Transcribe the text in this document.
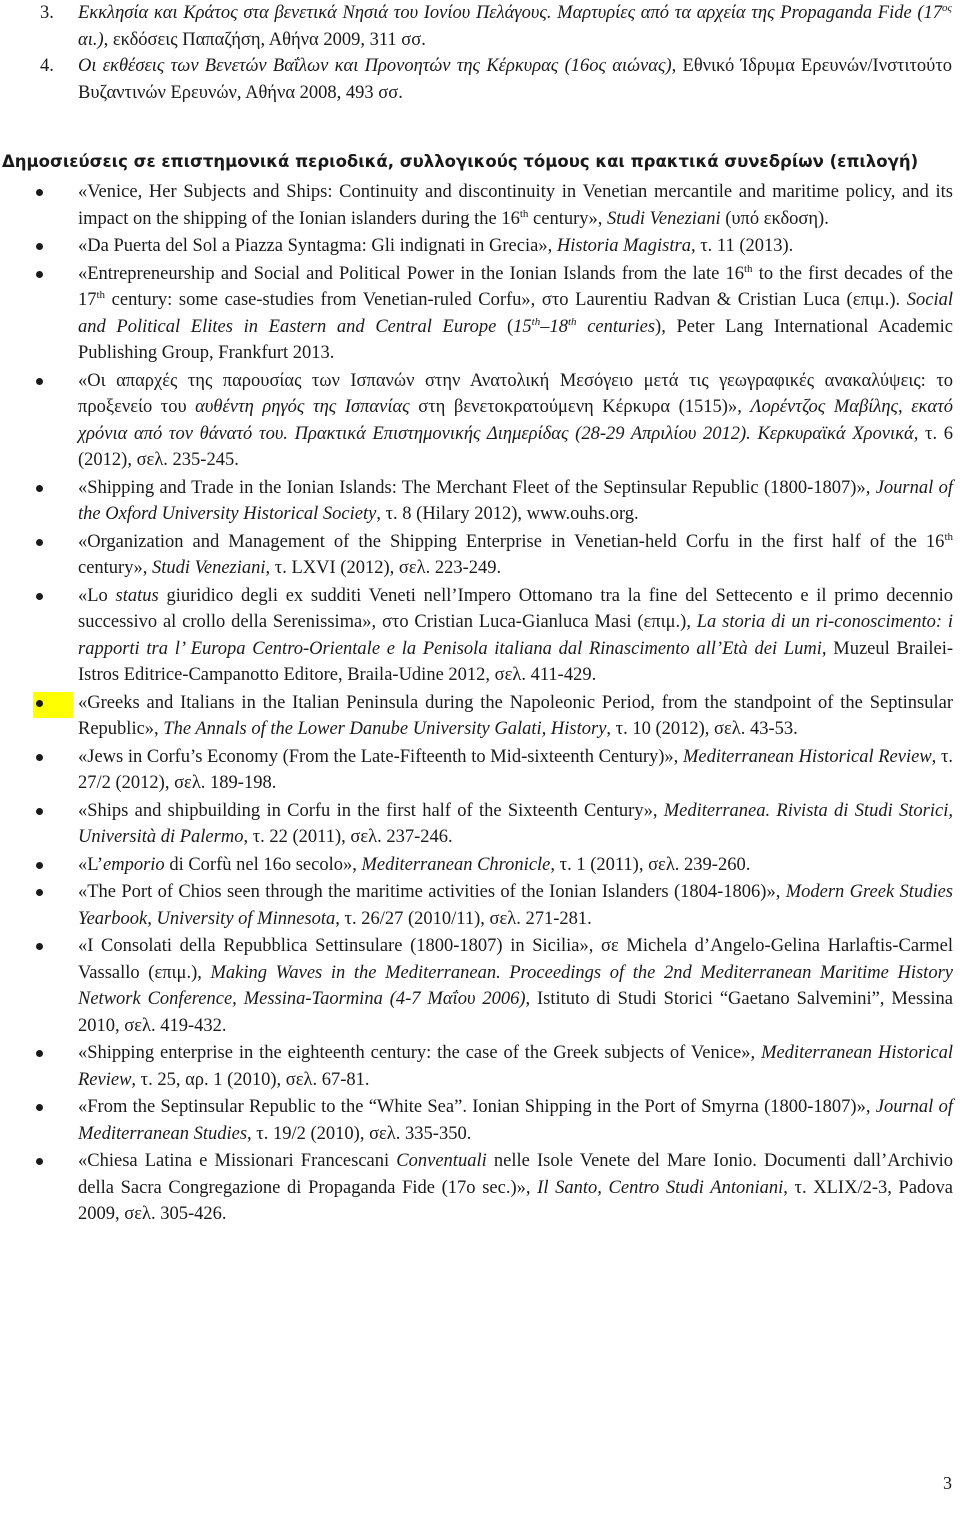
3. Εκκλησία και Κράτος στα βενετικά Νησιά του Ιονίου Πελάγους. Μαρτυρίες από τα αρχεία της Propaganda Fide ($17^{o\varsigma}$ αι.), εκδόσεις Παπαζήση, Αθήνα 2009, 311 σσ.
4. Οι εκθέσεις των Βενετών Βαΐλων και Προνοητών της Κέρκυρας (16ος αιώνας), Εθνικό Ίδρυμα Ερευνών/Ινστιτούτο Βυζαντινών Ερευνών, Αθήνα 2008, 493 σσ.
Δημοσιεύσεις σε επιστημονικά περιοδικά, συλλογικούς τόμους και πρακτικά συνεδρίων (επιλογή)
«Venice, Her Subjects and Ships: Continuity and discontinuity in Venetian mercantile and maritime policy, and its impact on the shipping of the Ionian islanders during the 16th century», Studi Veneziani (υπό εκδοση).
«Da Puerta del Sol a Piazza Syntagma: Gli indignati in Grecia», Historia Magistra, τ. 11 (2013).
«Entrepreneurship and Social and Political Power in the Ionian Islands from the late 16th to the first decades of the 17th century: some case-studies from Venetian-ruled Corfu», στο Laurentiu Radvan & Cristian Luca (επιμ.). Social and Political Elites in Eastern and Central Europe (15th–18th centuries), Peter Lang International Academic Publishing Group, Frankfurt 2013.
«Οι απαρχές της παρουσίας των Ισπανών στην Ανατολική Μεσόγειο μετά τις γεωγραφικές ανακαλύψεις: το προξενείο του αυθέντη ρηγός της Ισπανίας στη βενετοκρατούμενη Κέρκυρα (1515)», Λορέντζος Μαβίλης, εκατό χρόνια από τον θάνατό του. Πρακτικά Επιστημονικής Διημερίδας (28-29 Απριλίου 2012). Κερκυραϊκά Χρονικά, τ. 6 (2012), σελ. 235-245.
«Shipping and Trade in the Ionian Islands: The Merchant Fleet of the Septinsular Republic (1800-1807)», Journal of the Oxford University Historical Society, τ. 8 (Hilary 2012), www.ouhs.org.
«Organization and Management of the Shipping Enterprise in Venetian-held Corfu in the first half of the 16th century», Studi Veneziani, τ. LXVI (2012), σελ. 223-249.
«Lo status giuridico degli ex sudditi Veneti nell’Impero Ottomano tra la fine del Settecento e il primo decennio successivo al crollo della Serenissima», στο Cristian Luca-Gianluca Masi (επιμ.), La storia di un ri-conoscimento: i rapporti tra l’ Europa Centro-Orientale e la Penisola italiana dal Rinascimento all’Età dei Lumi, Muzeul Brailei-Istros Editrice-Campanotto Editore, Braila-Udine 2012, σελ. 411-429.
«Greeks and Italians in the Italian Peninsula during the Napoleonic Period, from the standpoint of the Septinsular Republic», The Annals of the Lower Danube University Galati, History, τ. 10 (2012), σελ. 43-53.
«Jews in Corfu’s Economy (From the Late-Fifteenth to Mid-sixteenth Century)», Mediterranean Historical Review, τ. 27/2 (2012), σελ. 189-198.
«Ships and shipbuilding in Corfu in the first half of the Sixteenth Century», Mediterranea. Rivista di Studi Storici, Università di Palermo, τ. 22 (2011), σελ. 237-246.
«L’emporio di Corfù nel 16o secolo», Mediterranean Chronicle, τ. 1 (2011), σελ. 239-260.
«The Port of Chios seen through the maritime activities of the Ionian Islanders (1804-1806)», Modern Greek Studies Yearbook, University of Minnesota, τ. 26/27 (2010/11), σελ. 271-281.
«I Consolati della Repubblica Settinsulare (1800-1807) in Sicilia», σε Michela d’Angelo-Gelina Harlaftis-Carmel Vassallo (επιμ.), Making Waves in the Mediterranean. Proceedings of the 2nd Mediterranean Maritime History Network Conference, Messina-Taormina (4-7 Μαΐου 2006), Istituto di Studi Storici “Gaetano Salvemini”, Messina 2010, σελ. 419-432.
«Shipping enterprise in the eighteenth century: the case of the Greek subjects of Venice», Mediterranean Historical Review, τ. 25, αρ. 1 (2010), σελ. 67-81.
«From the Septinsular Republic to the “White Sea”. Ionian Shipping in the Port of Smyrna (1800-1807)», Journal of Mediterranean Studies, τ. 19/2 (2010), σελ. 335-350.
«Chiesa Latina e Missionari Francescani Conventuali nelle Isole Venete del Mare Ionio. Documenti dall’Archivio della Sacra Congregazione di Propaganda Fide (17o sec.)», Il Santo, Centro Studi Antoniani, τ. XLIX/2-3, Padova 2009, σελ. 305-426.
3
